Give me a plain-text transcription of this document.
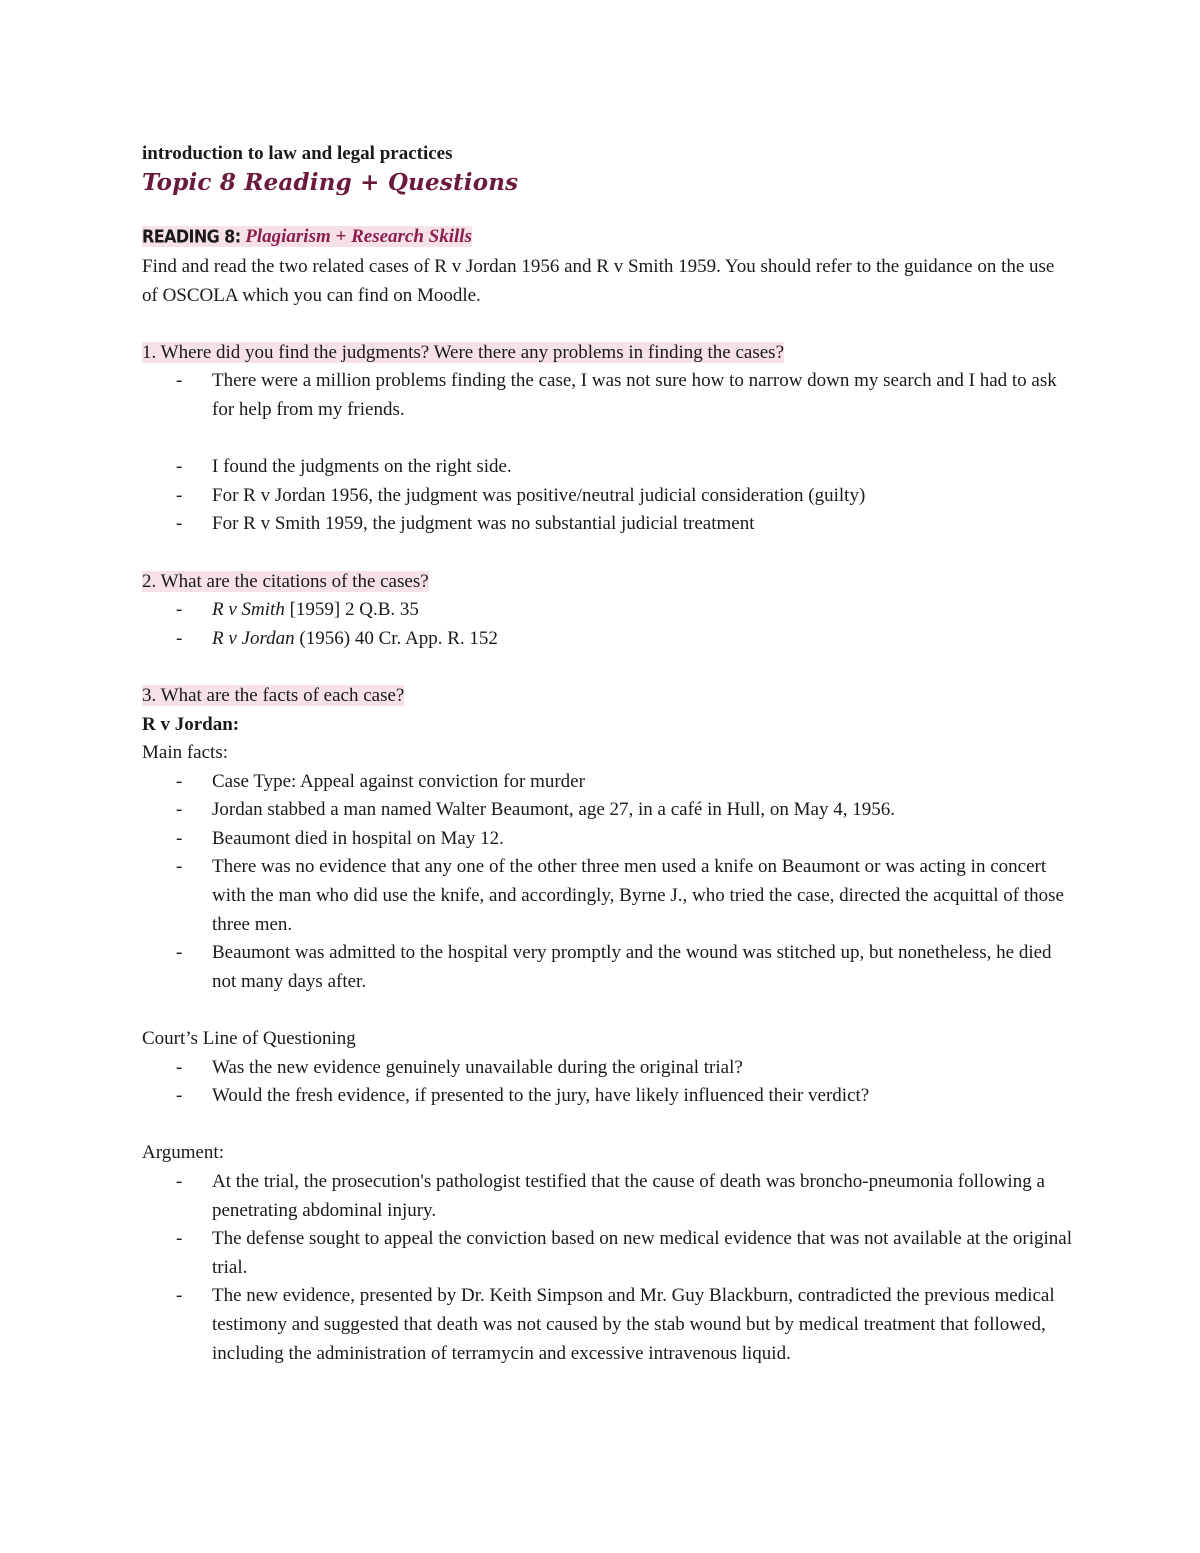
introduction to law and legal practices
Topic 8 Reading + Questions
READING 8: Plagiarism + Research Skills

Find and read the two related cases of R v Jordan 1956 and R v Smith 1959. You should refer to the guidance on the use of OSCOLA which you can find on Moodle.

1. Where did you find the judgments? Were there any problems in finding the cases?

- There were a million problems finding the case, I was not sure how to narrow down my search and I had to ask for help from my friends.
- I found the judgments on the right side.
- For R v Jordan 1956, the judgment was positive/neutral judicial consideration (guilty)
- For R v Smith 1959, the judgment was no substantial judicial treatment

2. What are the citations of the cases?

- R v Smith [1959] 2 Q.B. 35
- R v Jordan (1956) 40 Cr. App. R. 152

3. What are the facts of each case?

R v Jordan:

Main facts:

- Case Type: Appeal against conviction for murder
- Jordan stabbed a man named Walter Beaumont, age 27, in a café in Hull, on May 4, 1956.
- Beaumont died in hospital on May 12.
- There was no evidence that any one of the other three men used a knife on Beaumont or was acting in concert with the man who did use the knife, and accordingly, Byrne J., who tried the case, directed the acquittal of those three men.
- Beaumont was admitted to the hospital very promptly and the wound was stitched up, but nonetheless, he died not many days after.

Court’s Line of Questioning

- Was the new evidence genuinely unavailable during the original trial?
- Would the fresh evidence, if presented to the jury, have likely influenced their verdict?

Argument:

- At the trial, the prosecution's pathologist testified that the cause of death was broncho-pneumonia following a penetrating abdominal injury.
- The defense sought to appeal the conviction based on new medical evidence that was not available at the original trial.
- The new evidence, presented by Dr. Keith Simpson and Mr. Guy Blackburn, contradicted the previous medical testimony and suggested that death was not caused by the stab wound but by medical treatment that followed, including the administration of terramycin and excessive intravenous liquid.
